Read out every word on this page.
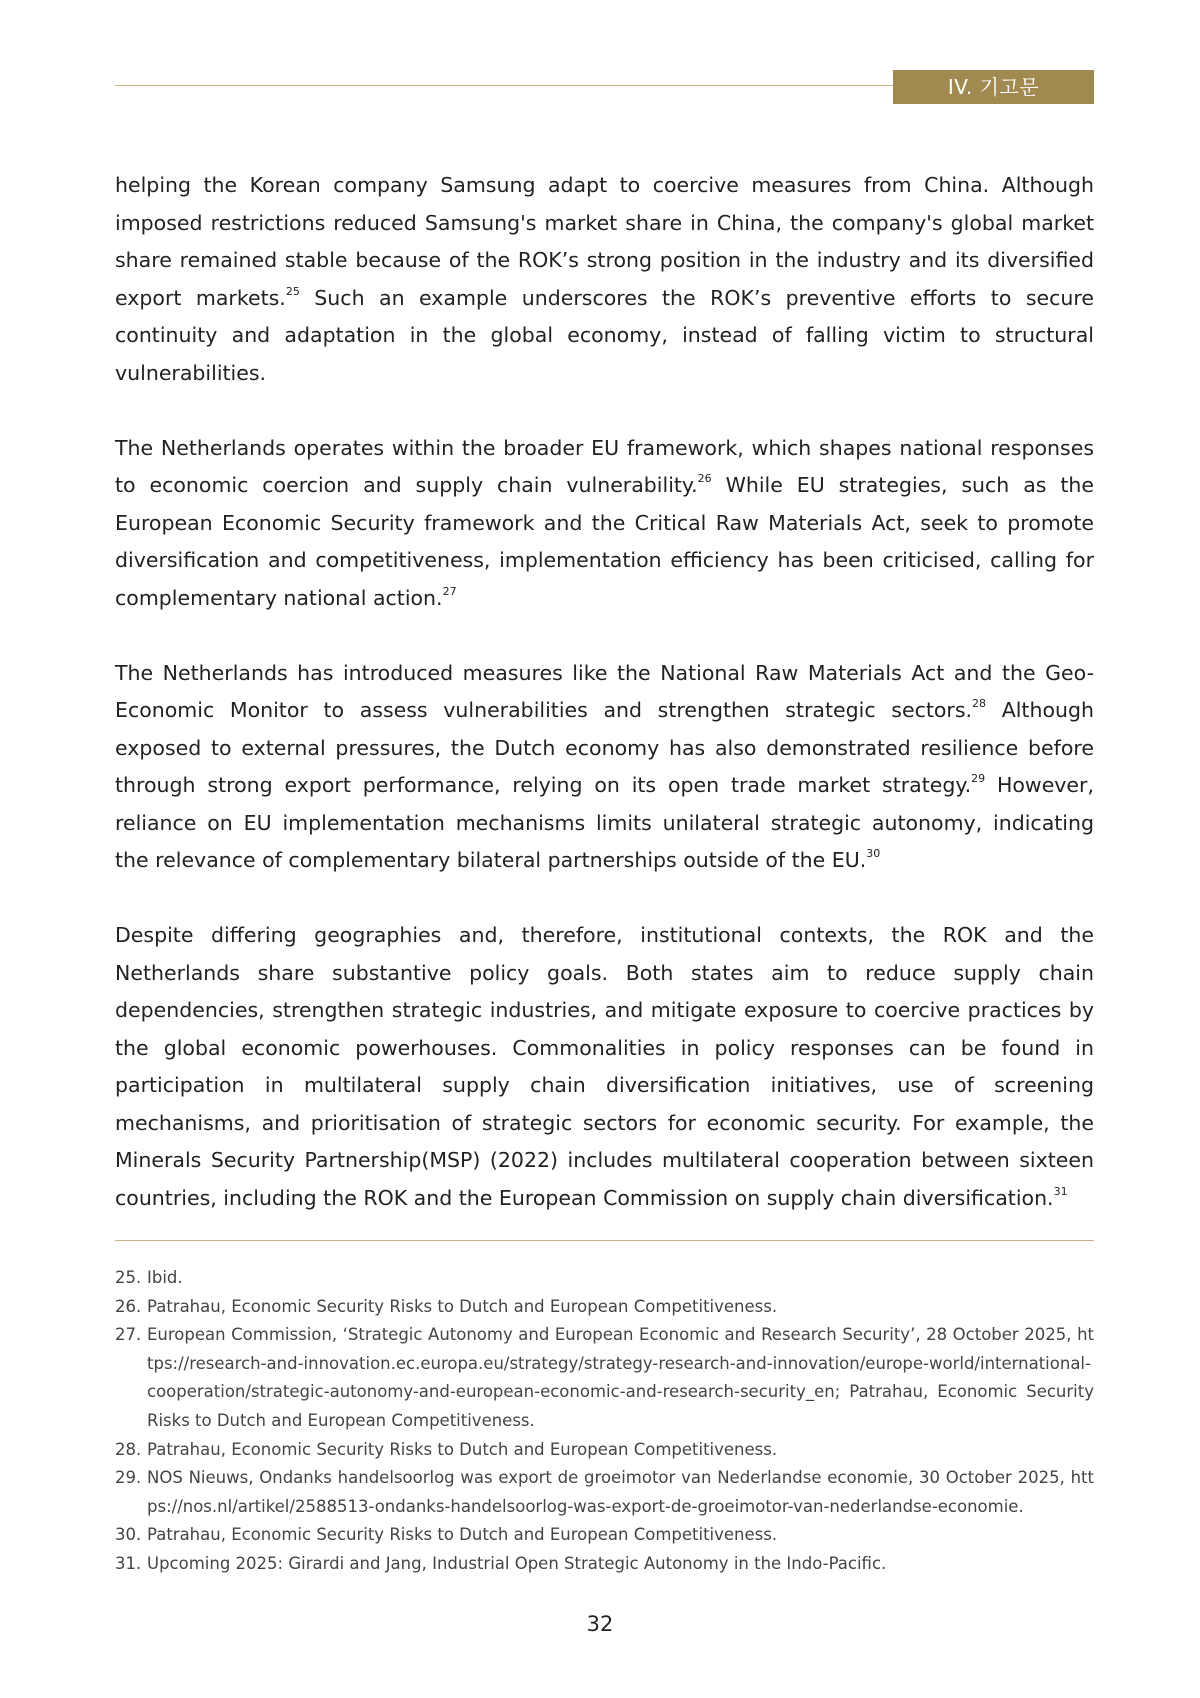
IV. 기고문

helping the Korean company Samsung adapt to coercive measures from China. Although imposed restrictions reduced Samsung's market share in China, the company's global market share remained stable because of the ROK’s strong position in the industry and its diversified export markets.$^{25}$ Such an example underscores the ROK’s preventive efforts to secure continuity and adaptation in the global economy, instead of falling victim to structural vulnerabilities.

The Netherlands operates within the broader EU framework, which shapes national responses to economic coercion and supply chain vulnerability.$^{26}$ While EU strategies, such as the European Economic Security framework and the Critical Raw Materials Act, seek to promote diversification and competitiveness, implementation efficiency has been criticised, calling for complementary national action.$^{27}$

The Netherlands has introduced measures like the National Raw Materials Act and the Geo-Economic Monitor to assess vulnerabilities and strengthen strategic sectors.$^{28}$ Although exposed to external pressures, the Dutch economy has also demonstrated resilience before through strong export performance, relying on its open trade market strategy.$^{29}$ However, reliance on EU implementation mechanisms limits unilateral strategic autonomy, indicating the relevance of complementary bilateral partnerships outside of the EU.$^{30}$

Despite differing geographies and, therefore, institutional contexts, the ROK and the Netherlands share substantive policy goals. Both states aim to reduce supply chain dependencies, strengthen strategic industries, and mitigate exposure to coercive practices by the global economic powerhouses. Commonalities in policy responses can be found in participation in multilateral supply chain diversification initiatives, use of screening mechanisms, and prioritisation of strategic sectors for economic security. For example, the Minerals Security Partnership(MSP) (2022) includes multilateral cooperation between sixteen countries, including the ROK and the European Commission on supply chain diversification.$^{31}$

25. Ibid.
26. Patrahau, Economic Security Risks to Dutch and European Competitiveness.
27. European Commission, ‘Strategic Autonomy and European Economic and Research Security’, 28 October 2025, https://research-and-innovation.ec.europa.eu/strategy/strategy-research-and-innovation/europe-world/international-cooperation/strategic-autonomy-and-european-economic-and-research-security_en; Patrahau, Economic Security Risks to Dutch and European Competitiveness.
28. Patrahau, Economic Security Risks to Dutch and European Competitiveness.
29. NOS Nieuws, Ondanks handelsoorlog was export de groeimotor van Nederlandse economie, 30 October 2025, https://nos.nl/artikel/2588513-ondanks-handelsoorlog-was-export-de-groeimotor-van-nederlandse-economie.
30. Patrahau, Economic Security Risks to Dutch and European Competitiveness.
31. Upcoming 2025: Girardi and Jang, Industrial Open Strategic Autonomy in the Indo-Pacific.
32
